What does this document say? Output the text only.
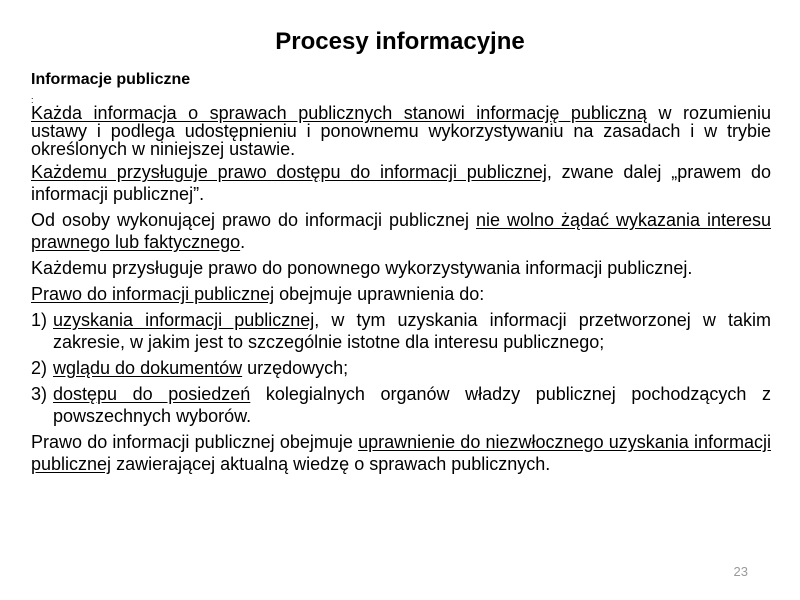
Procesy informacyjne
Informacje publiczne
:
Każda informacja o sprawach publicznych stanowi informację publiczną w rozumieniu ustawy i podlega udostępnieniu i ponownemu wykorzystywaniu na zasadach i w trybie określonych w niniejszej ustawie.
Każdemu przysługuje prawo dostępu do informacji publicznej, zwane dalej „prawem do informacji publicznej”.
Od osoby wykonującej prawo do informacji publicznej nie wolno żądać wykazania interesu prawnego lub faktycznego.
Każdemu przysługuje prawo do ponownego wykorzystywania informacji publicznej.
Prawo do informacji publicznej obejmuje uprawnienia do:
1) uzyskania informacji publicznej, w tym uzyskania informacji przetworzonej w takim zakresie, w jakim jest to szczególnie istotne dla interesu publicznego;
2) wglądu do dokumentów urzędowych;
3) dostępu do posiedzeń kolegialnych organów władzy publicznej pochodzących z powszechnych wyborów.
Prawo do informacji publicznej obejmuje uprawnienie do niezwłocznego uzyskania informacji publicznej zawierającej aktualną wiedzę o sprawach publicznych.
23
